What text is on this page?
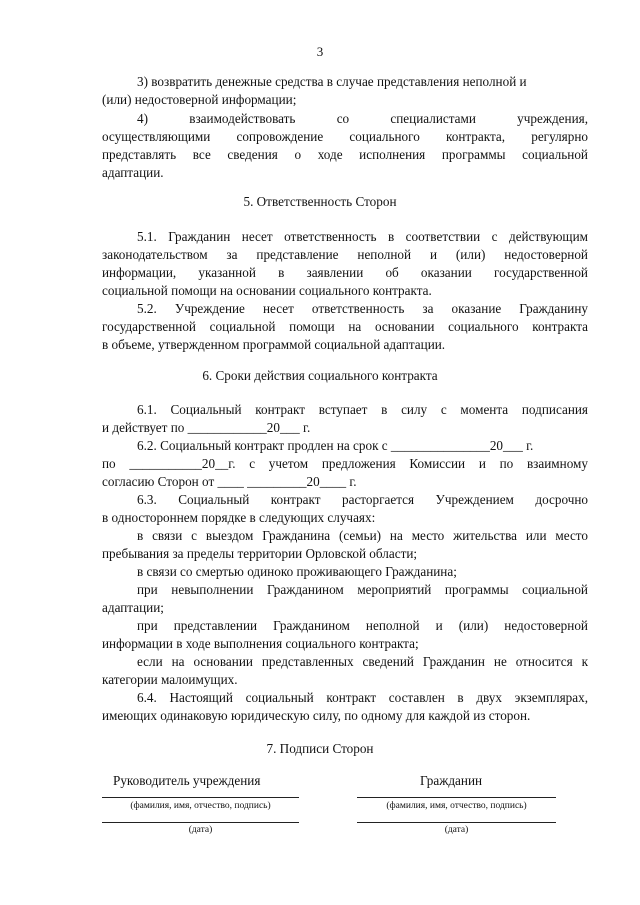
3
3) возвратить денежные средства в случае представления неполной и
(или) недостоверной информации;
4) взаимодействовать со специалистами учреждения,
осуществляющими сопровождение социального контракта, регулярно
представлять все сведения о ходе исполнения программы социальной
адаптации.
5. Ответственность Сторон
5.1. Гражданин несет ответственность в соответствии с действующим
законодательством за представление неполной и (или) недостоверной
информации, указанной в заявлении об оказании государственной
социальной помощи на основании социального контракта.
5.2. Учреждение несет ответственность за оказание Гражданину
государственной социальной помощи на основании социального контракта
в объеме, утвержденном программой социальной адаптации.
6. Сроки действия социального контракта
6.1. Социальный контракт вступает в силу с момента подписания
и действует по ____________20___ г.
6.2. Социальный контракт продлен на срок с _______________20___ г.
по ___________20__г. с учетом предложения Комиссии и по взаимному
согласию Сторон от ____ _________20____ г.
6.3. Социальный контракт расторгается Учреждением досрочно
в одностороннем порядке в следующих случаях:
в связи с выездом Гражданина (семьи) на место жительства или место
пребывания за пределы территории Орловской области;
в связи со смертью одиноко проживающего Гражданина;
при невыполнении Гражданином мероприятий программы социальной
адаптации;
при представлении Гражданином неполной и (или) недостоверной
информации в ходе выполнения социального контракта;
если на основании представленных сведений Гражданин не относится к
категории малоимущих.
6.4. Настоящий социальный контракт составлен в двух экземплярах,
имеющих одинаковую юридическую силу, по одному для каждой из сторон.
7. Подписи Сторон
Руководитель учреждения	Гражданин
(фамилия, имя, отчество, подпись)	(фамилия, имя, отчество, подпись)
(дата)	(дата)
